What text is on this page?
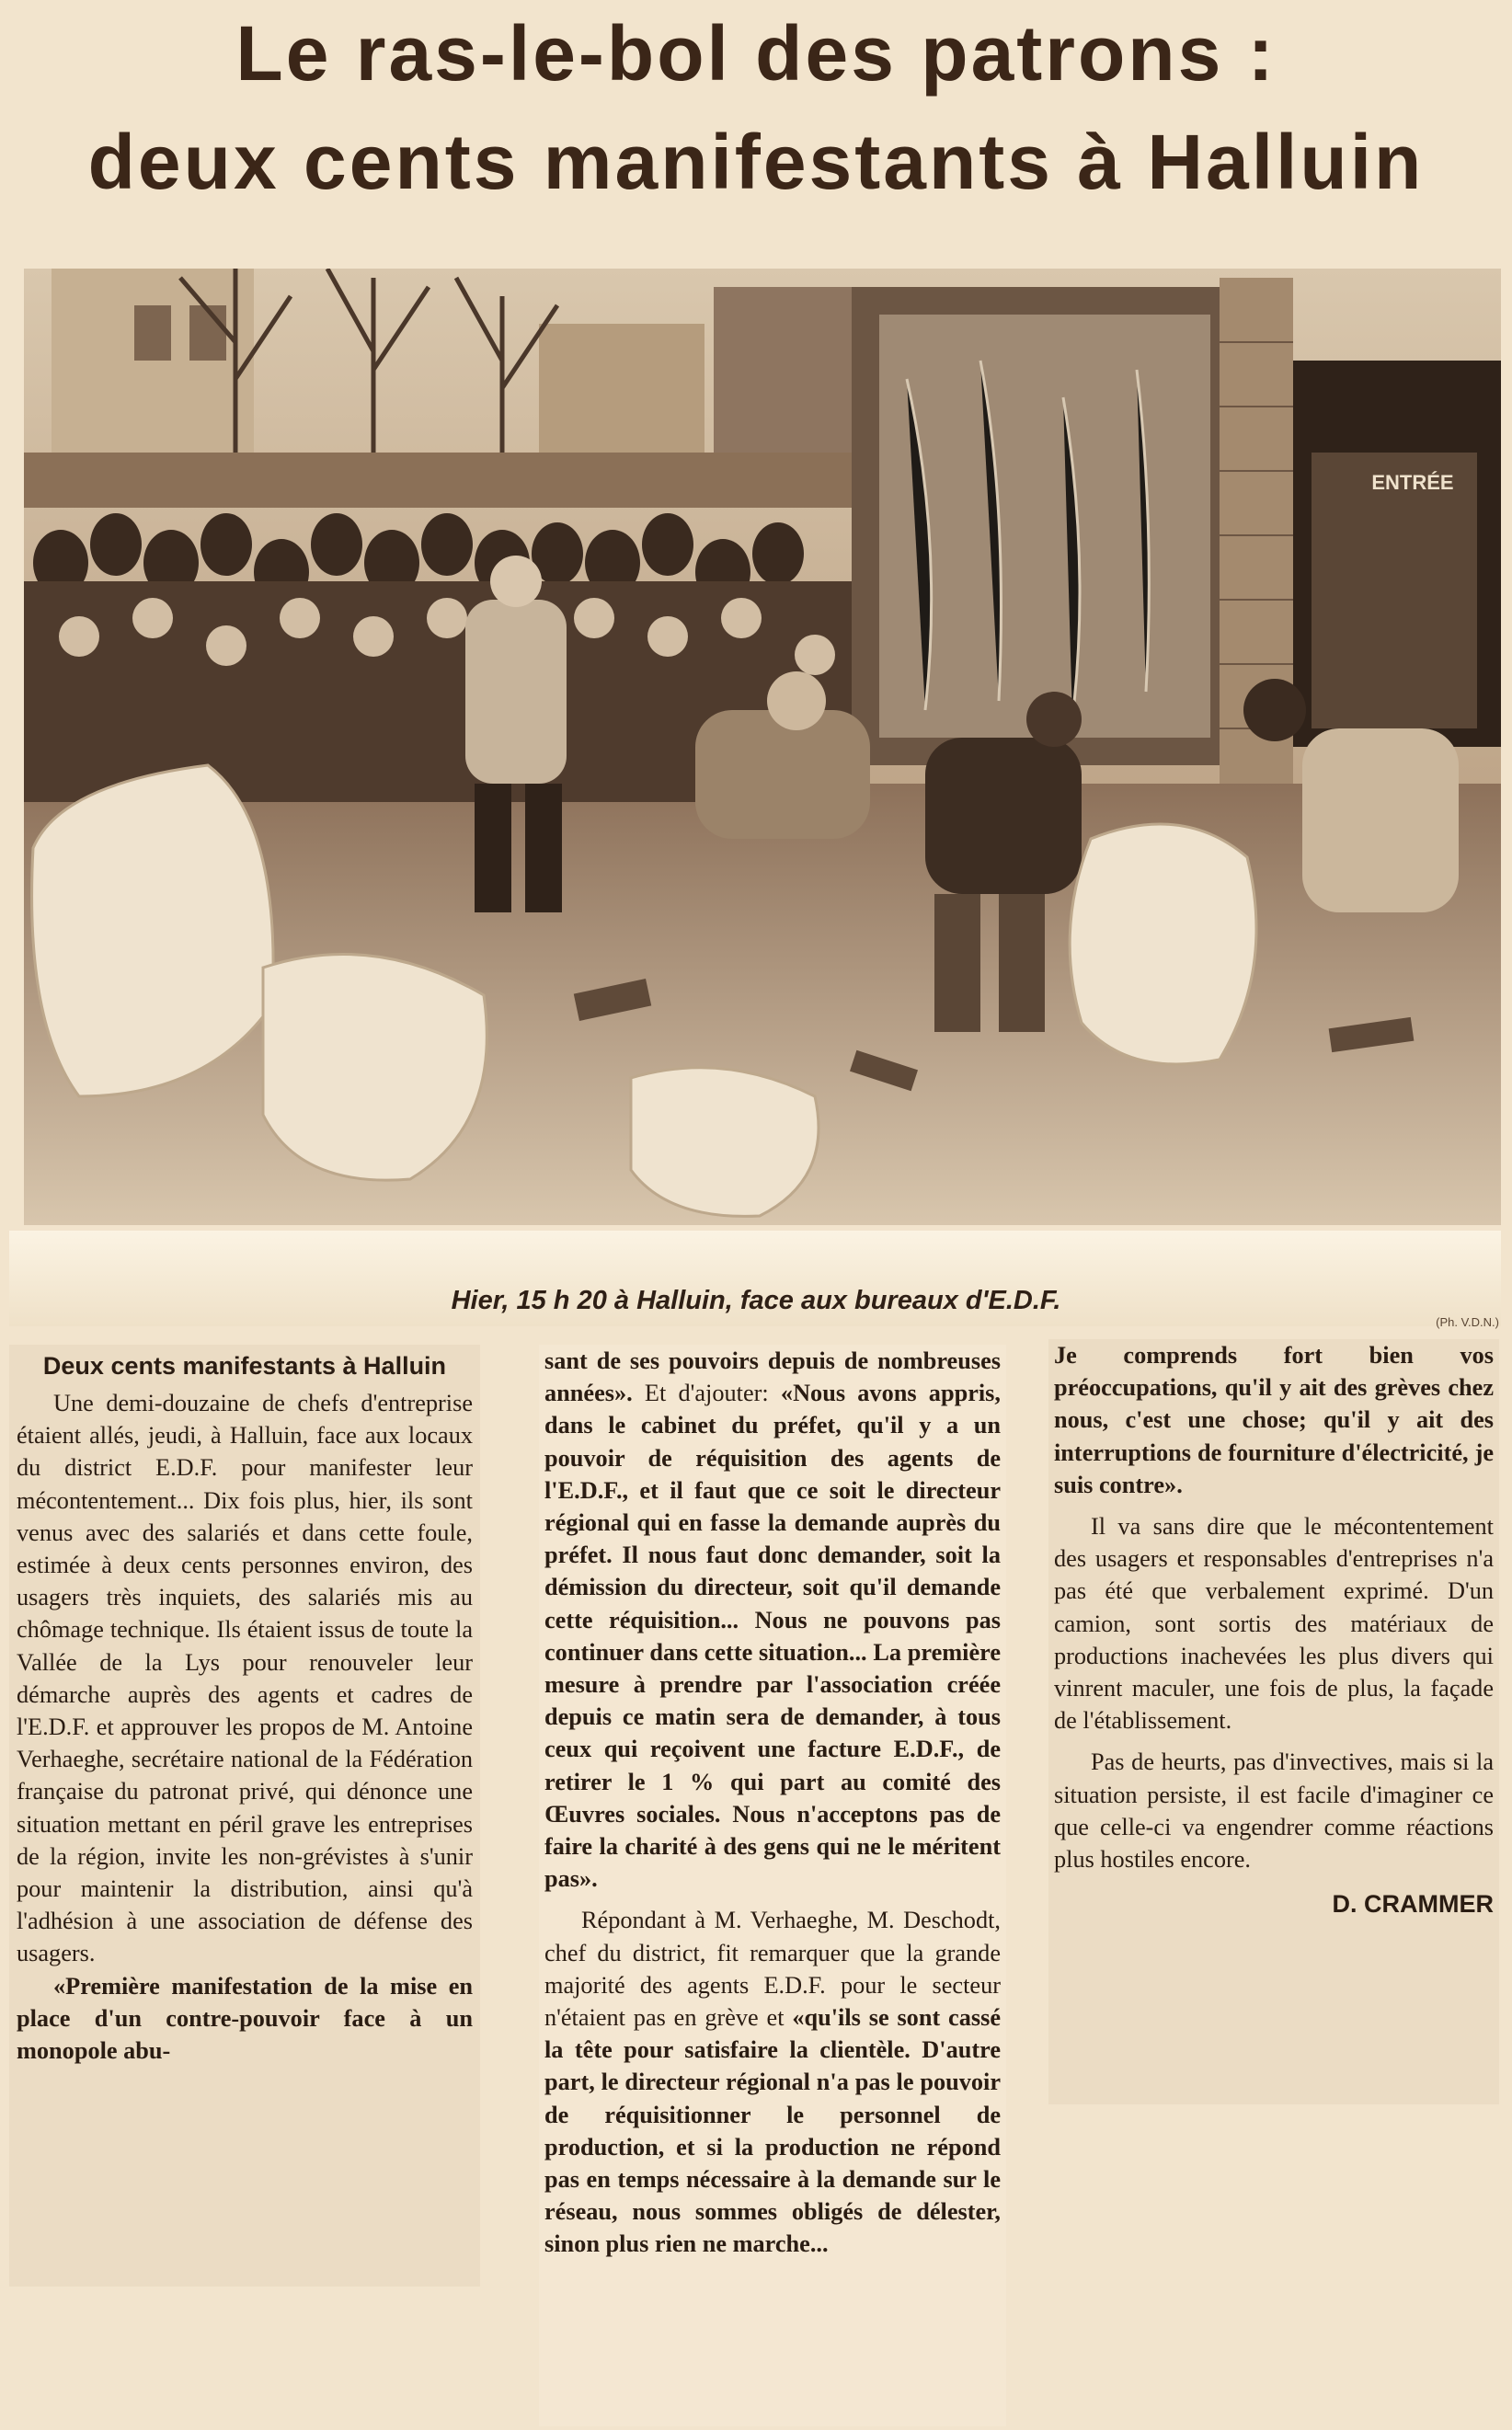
Le ras-le-bol des patrons :
deux cents manifestants à Halluin
ENTRÉE
Hier, 15 h 20 à Halluin, face aux bureaux d'E.D.F.
(Ph. V.D.N.)
Deux cents manifestants à Halluin

Une demi-douzaine de chefs d'entreprise étaient allés, jeudi, à Halluin, face aux locaux du district E.D.F. pour manifester leur mécontentement... Dix fois plus, hier, ils sont venus avec des salariés et dans cette foule, estimée à deux cents personnes environ, des usagers très inquiets, des salariés mis au chômage technique. Ils étaient issus de toute la Vallée de la Lys pour renouveler leur démarche auprès des agents et cadres de l'E.D.F. et approuver les propos de M. Antoine Verhaeghe, secrétaire national de la Fédération française du patronat privé, qui dénonce une situation mettant en péril grave les entreprises de la région, invite les non-grévistes à s'unir pour maintenir la distribution, ainsi qu'à l'adhésion à une association de défense des usagers.

«Première manifestation de la mise en place d'un contre-pouvoir face à un monopole abu-

sant de ses pouvoirs depuis de nombreuses années». Et d'ajouter: «Nous avons appris, dans le cabinet du préfet, qu'il y a un pouvoir de réquisition des agents de l'E.D.F., et il faut que ce soit le directeur régional qui en fasse la demande auprès du préfet. Il nous faut donc demander, soit la démission du directeur, soit qu'il demande cette réquisition... Nous ne pouvons pas continuer dans cette situation... La première mesure à prendre par l'association créée depuis ce matin sera de demander, à tous ceux qui reçoivent une facture E.D.F., de retirer le 1 % qui part au comité des Œuvres sociales. Nous n'acceptons pas de faire la charité à des gens qui ne le méritent pas».

Répondant à M. Verhaeghe, M. Deschodt, chef du district, fit remarquer que la grande majorité des agents E.D.F. pour le secteur n'étaient pas en grève et «qu'ils se sont cassé la tête pour satisfaire la clientèle. D'autre part, le directeur régional n'a pas le pouvoir de réquisitionner le personnel de production, et si la production ne répond pas en temps nécessaire à la demande sur le réseau, nous sommes obligés de délester, sinon plus rien ne marche...

Je comprends fort bien vos préoccupations, qu'il y ait des grèves chez nous, c'est une chose; qu'il y ait des interruptions de fourniture d'électricité, je suis contre».

Il va sans dire que le mécontentement des usagers et responsables d'entreprises n'a pas été que verbalement exprimé. D'un camion, sont sortis des matériaux de productions inachevées les plus divers qui vinrent maculer, une fois de plus, la façade de l'établissement.

Pas de heurts, pas d'invectives, mais si la situation persiste, il est facile d'imaginer ce que celle-ci va engendrer comme réactions plus hostiles encore.

D. CRAMMER
